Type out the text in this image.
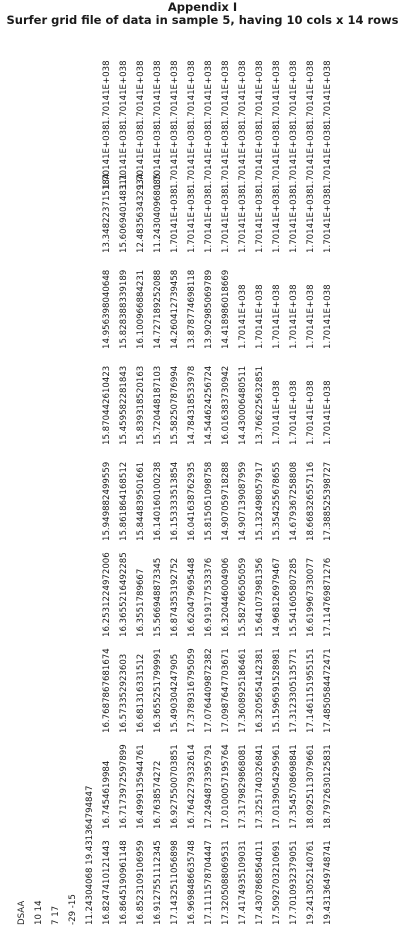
Appendix I
Surfer grid file of data in sample 5, having 10 cols x 14 rows
DSAA 10 14 7 17 -29 -15 11.24304068 19.431364794847 16.824741012144316.745461998416.768786768167416.253122497200615.94988249955915.87044261042314.95639804064813.3482237151841.70141E+0381.70141E+038
16.864519096114816.717397259789916.57335292360316.365521649228515.86186416851215.45958228184315.82838833918915.6069401483111.70141E+0381.70141E+038
16.852310910695916.499913594476116.68131633151216.355178966715.84483950166115.83931852016316.10096688423112.4835634329341.70141E+0381.70141E+038
16.912755111234516.763857427216.365525179999115.56694887334516.14016010023815.72044818710314.72718925208811.2430409680851.70141E+0381.70141E+038
17.143251105689816.927550070385115.49030424790516.87435319275216.15333351385415.58250787699414.2604127394581.70141E+0381.70141E+0381.70141E+038
16.969848663574816.764227933261417.378931679505916.62047969544816.04163876293514.78431853397813.8787746981181.70141E+0381.70141E+0381.70141E+038
17.111157870444717.249487339579117.076440987238216.91917753337615.81505109875814.54462425672413.9029850697891.70141E+0381.70141E+0381.70141E+038
17.320508806953117.010005719576417.098764770367116.32044600490614.90705971828816.01638373094214.4189860186691.70141E+0381.70141E+0381.70141E+038
17.417493510903117.317982986808117.360892518646115.58276650505914.90713908795914.4300064805111.70141E+0381.70141E+0381.70141E+0381.70141E+038
17.430786856401117.325174032684116.320565414238115.64107398135615.13249805791713.7662256328511.70141E+0381.70141E+0381.70141E+0381.70141E+038
17.509270321069117.013905429596115.159659152898114.96812697946715.3542556786551.70141E+0381.70141E+0381.70141E+0381.70141E+0381.70141E+038
17.701093237905117.354570869884117.312330513577115.54160580728514.6793672588081.70141E+0381.70141E+0381.70141E+0381.70141E+0381.70141E+038
19.241305214076118.092511307966117.146115195515116.61996733007718.6683265571161.70141E+0381.70141E+0381.70141E+0381.70141E+0381.70141E+038
19.431364974874118.797263012583117.485058447247117.11476987127617.3885253987271.70141E+0381.70141E+0381.70141E+0381.70141E+0381.70141E+038
